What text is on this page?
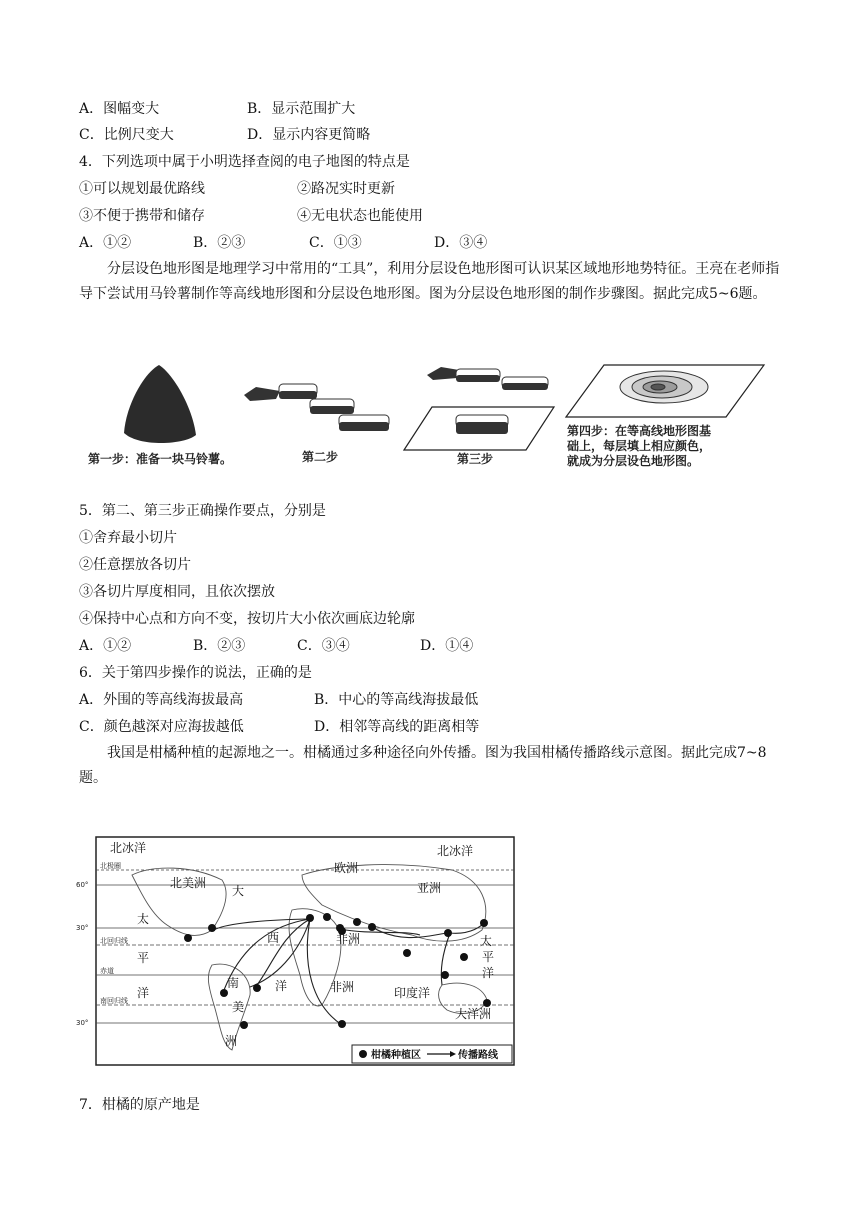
A．图幅变大	B．显示范围扩大
C．比例尺变大	D．显示内容更简略
4．下列选项中属于小明选择查阅的电子地图的特点是
①可以规划最优路线	②路况实时更新
③不便于携带和储存	④无电状态也能使用
A．①②	B．②③	C．①③	D．③④
分层设色地形图是地理学习中常用的“工具”，利用分层设色地形图可认识某区域地形地势特征。王亮在老师指导下尝试用马铃薯制作等高线地形图和分层设色地形图。图为分层设色地形图的制作步骤图。据此完成5~6题。
第一步：准备一块马铃薯。	第二步	第三步
第四步：在等高线地形图基
础上，每层填上相应颜色，
就成为分层设色地形图。
5．第二、第三步正确操作要点，分别是
①舍弃最小切片
②任意摆放各切片
③各切片厚度相同，且依次摆放
④保持中心点和方向不变，按切片大小依次画底边轮廓
A．①②	B．②③	C．③④	D．①④
6．关于第四步操作的说法，正确的是
A．外围的等高线海拔最高	B．中心的等高线海拔最低
C．颜色越深对应海拔越低	D．相邻等高线的距离相等
我国是柑橘种植的起源地之一。柑橘通过多种途径向外传播。图为我国柑橘传播路线示意图。据此完成7~8题。
北冰洋	北冰洋
北美洲
欧洲
亚洲
非洲
大
西
洋
南
美
洲
太
平
洋
太
平
洋
非洲	印度洋
大洋洲
北极圈
60°
30°
北回归线
赤道
南回归线
30°
柑橘种植区	传播路线
7．柑橘的原产地是
